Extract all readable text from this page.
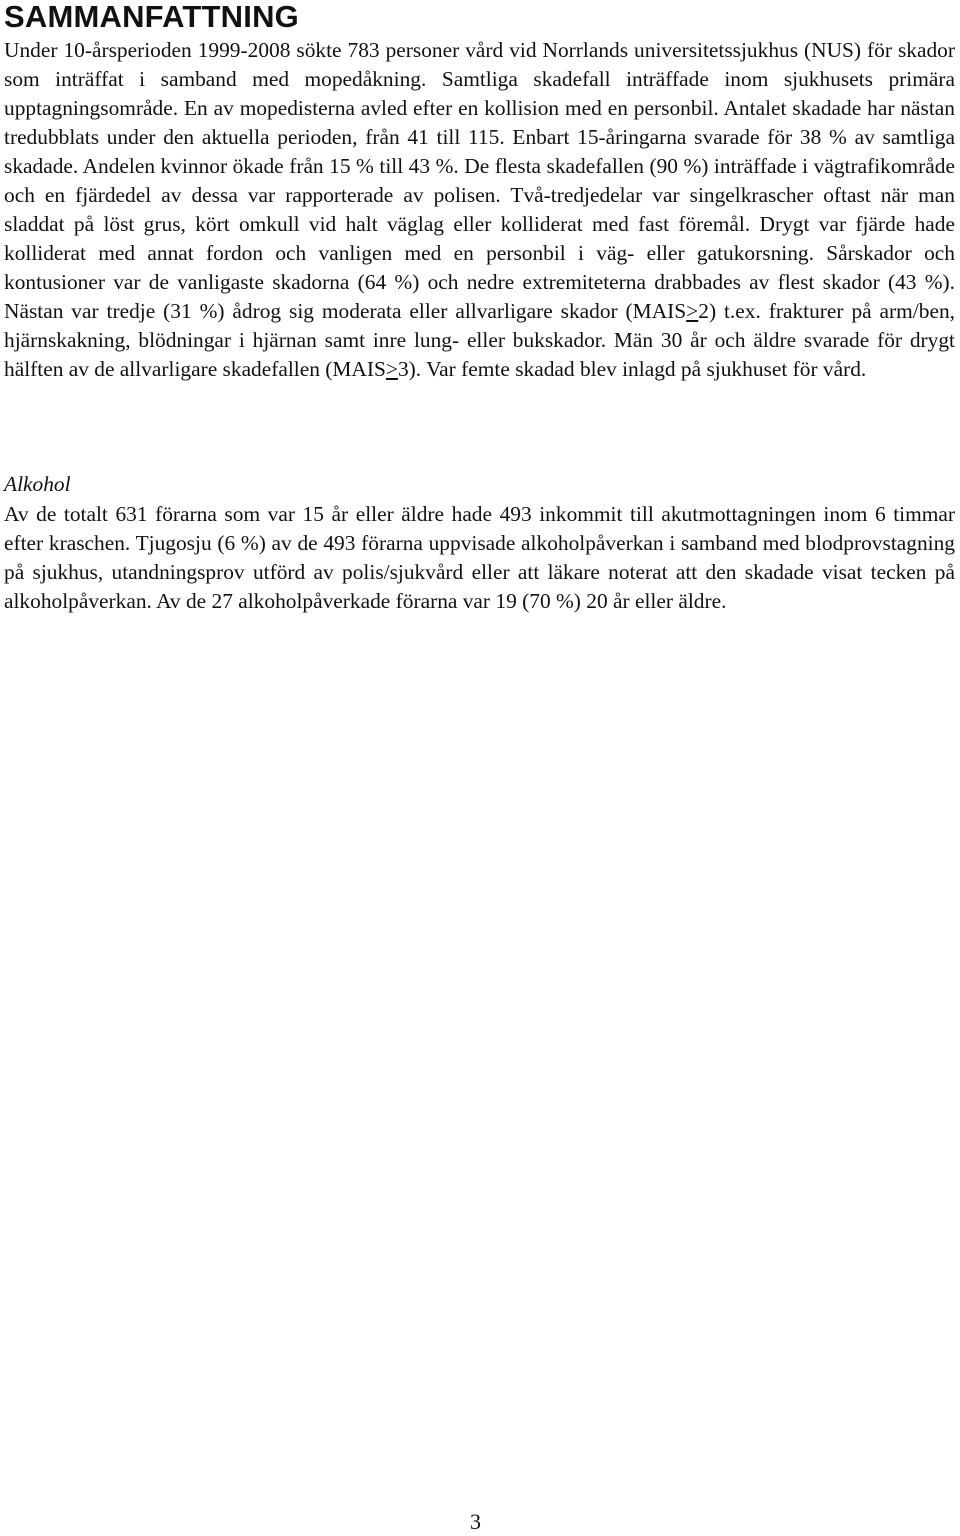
SAMMANFATTNING

Under 10-årsperioden 1999-2008 sökte 783 personer vård vid Norrlands universitetssjukhus (NUS) för skador som inträffat i samband med mopedåkning. Samtliga skadefall inträffade inom sjukhusets primära upptagningsområde. En av mopedisterna avled efter en kollision med en personbil. Antalet skadade har nästan tredubblats under den aktuella perioden, från 41 till 115. Enbart 15-åringarna svarade för 38 % av samtliga skadade. Andelen kvinnor ökade från 15 % till 43 %. De flesta skadefallen (90 %) inträffade i vägtrafikområde och en fjärdedel av dessa var rapporterade av polisen. Två-tredjedelar var singelkrascher oftast när man sladdat på löst grus, kört omkull vid halt väglag eller kolliderat med fast föremål. Drygt var fjärde hade kolliderat med annat fordon och vanligen med en personbil i väg- eller gatukorsning. Sårskador och kontusioner var de vanligaste skadorna (64 %) och nedre extremiteterna drabbades av flest skador (43 %). Nästan var tredje (31 %) ådrog sig moderata eller allvarligare skador (MAIS≥2) t.ex. frakturer på arm/ben, hjärnskakning, blödningar i hjärnan samt inre lung- eller bukskador. Män 30 år och äldre svarade för drygt hälften av de allvarligare skadefallen (MAIS≥3). Var femte skadad blev inlagd på sjukhuset för vård.

Alkohol

Av de totalt 631 förarna som var 15 år eller äldre hade 493 inkommit till akutmottagningen inom 6 timmar efter kraschen. Tjugosju (6 %) av de 493 förarna uppvisade alkoholpåverkan i samband med blodprovstagning på sjukhus, utandningsprov utförd av polis/sjukvård eller att läkare noterat att den skadade visat tecken på alkoholpåverkan. Av de 27 alkoholpåverkade förarna var 19 (70 %) 20 år eller äldre.

3
